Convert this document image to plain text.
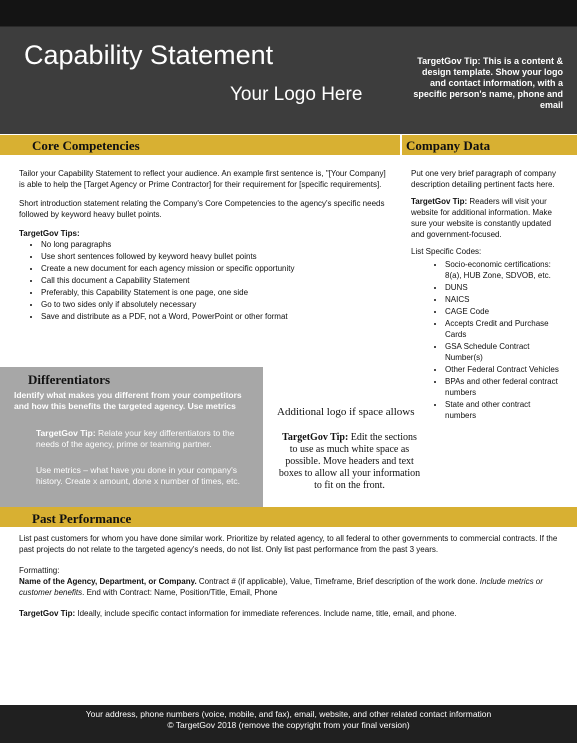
Capability Statement
Your Logo Here
TargetGov Tip: This is a content & design template. Show your logo and contact information, with a specific person's name, phone and email
Core Competencies	Company Data

Tailor your Capability Statement to reflect your audience. An example first sentence is, "[Your Company] is able to help the [Target Agency or Prime Contractor] for their requirement for [specific requirements].

Short introduction statement relating the Company's Core Competencies to the agency's specific needs followed by keyword heavy bullet points.

TargetGov Tips:
• No long paragraphs
• Use short sentences followed by keyword heavy bullet points
• Create a new document for each agency mission or specific opportunity
• Call this document a Capability Statement
• Preferably, this Capability Statement is one page, one side
• Go to two sides only if absolutely necessary
• Save and distribute as a PDF, not a Word, PowerPoint or other format

Put one very brief paragraph of company description detailing pertinent facts here.

TargetGov Tip: Readers will visit your website for additional information. Make sure your website is constantly updated and government-focused.

List Specific Codes:
• Socio-economic certifications: 8(a), HUB Zone, SDVOB, etc.
• DUNS
• NAICS
• CAGE Code
• Accepts Credit and Purchase Cards
• GSA Schedule Contract Number(s)
• Other Federal Contract Vehicles
• BPAs and other federal contract numbers
• State and other contract numbers
Differentiators
Identify what makes you different from your competitors and how this benefits the targeted agency. Use metrics
TargetGov Tip: Relate your key differentiators to the needs of the agency, prime or teaming partner.
Use metrics – what have you done in your company's history. Create x amount, done x number of times, etc.
Additional logo if space allows
TargetGov Tip: Edit the sections to use as much white space as possible. Move headers and text boxes to allow all your information to fit on the front.
Past Performance

List past customers for whom you have done similar work. Prioritize by related agency, to all federal to other governments to commercial contracts. If the past projects do not relate to the targeted agency's needs, do not list. Only list past performance from the past 3 years.

Formatting:

Name of the Agency, Department, or Company. Contract # (if applicable), Value, Timeframe, Brief description of the work done. Include metrics or customer benefits. End with Contract: Name, Position/Title, Email, Phone

TargetGov Tip: Ideally, include specific contact information for immediate references. Include name, title, email, and phone.

Your address, phone numbers (voice, mobile, and fax), email, website, and other related contact information
© TargetGov 2018 (remove the copyright from your final version)
